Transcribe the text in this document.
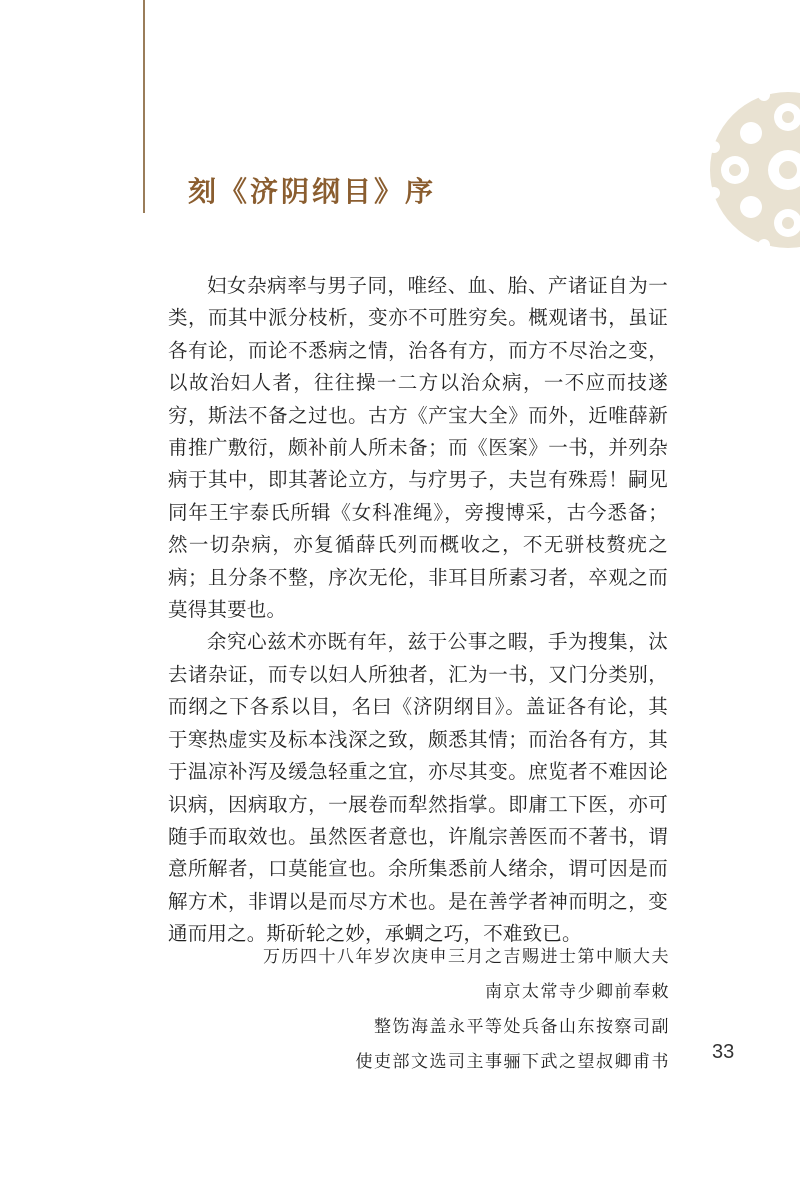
刻《济阴纲目》序

妇女杂病率与男子同，唯经、血、胎、产诸证自为一类，而其中派分枝析，变亦不可胜穷矣。概观诸书，虽证各有论，而论不悉病之情，治各有方，而方不尽治之变，以故治妇人者，往往操一二方以治众病，一不应而技遂穷，斯法不备之过也。古方《产宝大全》而外，近唯薛新甫推广敷衍，颇补前人所未备；而《医案》一书，并列杂病于其中，即其著论立方，与疗男子，夫岂有殊焉！嗣见同年王宇泰氏所辑《女科准绳》，旁搜博采，古今悉备；然一切杂病，亦复循薛氏列而概收之，不无骈枝赘疣之病；且分条不整，序次无伦，非耳目所素习者，卒观之而莫得其要也。

余究心兹术亦既有年，兹于公事之暇，手为搜集，汰去诸杂证，而专以妇人所独者，汇为一书，又门分类别，而纲之下各系以目，名曰《济阴纲目》。盖证各有论，其于寒热虚实及标本浅深之致，颇悉其情；而治各有方，其于温凉补泻及缓急轻重之宜，亦尽其变。庶览者不难因论识病，因病取方，一展卷而犁然指掌。即庸工下医，亦可随手而取效也。虽然医者意也，许胤宗善医而不著书，谓意所解者，口莫能宣也。余所集悉前人绪余，谓可因是而解方术，非谓以是而尽方术也。是在善学者神而明之，变通而用之。斯斫轮之妙，承蜩之巧，不难致已。

万历四十八年岁次庚申三月之吉赐进士第中顺大夫
南京太常寺少卿前奉敕
整饬海盖永平等处兵备山东按察司副
使吏部文选司主事骊下武之望叔卿甫书 33
